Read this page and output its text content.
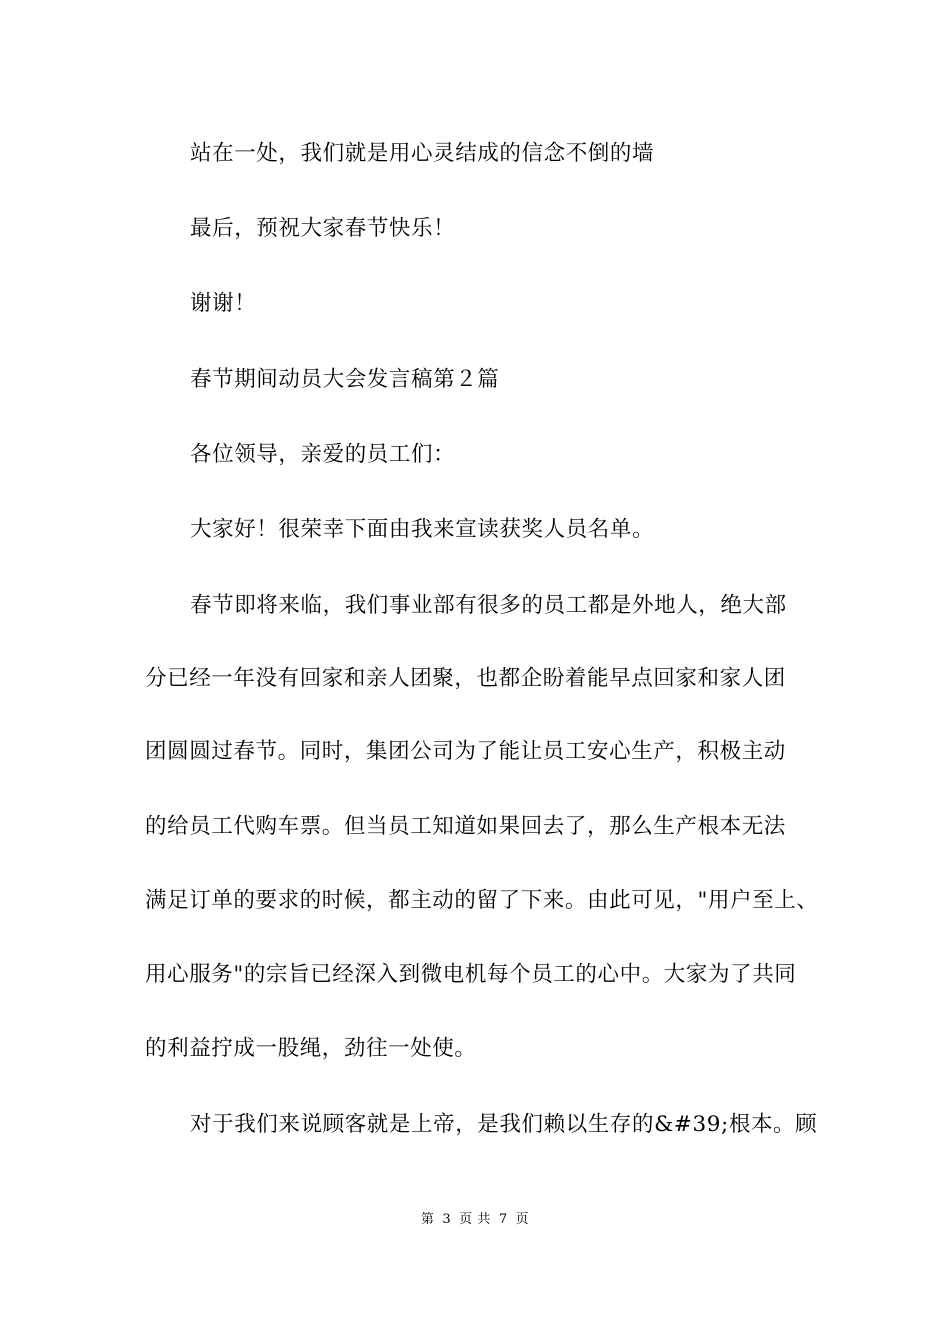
站在一处，我们就是用心灵结成的信念不倒的墙
最后，预祝大家春节快乐！
谢谢！
春节期间动员大会发言稿第２篇
各位领导，亲爱的员工们：
大家好！很荣幸下面由我来宣读获奖人员名单。
春节即将来临，我们事业部有很多的员工都是外地人，绝大部
分已经一年没有回家和亲人团聚，也都企盼着能早点回家和家人团
团圆圆过春节。同时，集团公司为了能让员工安心生产，积极主动
的给员工代购车票。但当员工知道如果回去了，那么生产根本无法
满足订单的要求的时候，都主动的留了下来。由此可见，"用户至上、
用心服务"的宗旨已经深入到微电机每个员工的心中。大家为了共同
的利益拧成一股绳，劲往一处使。
对于我们来说顾客就是上帝，是我们赖以生存的&#39;根本。顾
第 3 页 共 7 页
